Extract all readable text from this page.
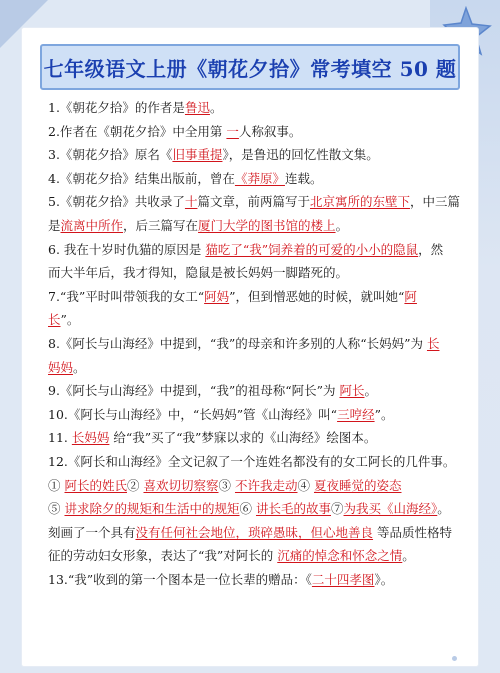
七年级语文上册《朝花夕拾》常考填空 50 题
1.《朝花夕拾》的作者是鲁迅。
2.作者在《朝花夕拾》中全用第 一人称叙事。
3.《朝花夕拾》原名《旧事重提》，是鲁迅的回忆性散文集。
4.《朝花夕拾》结集出版前，曾在《莽原》连载。
5.《朝花夕拾》共收录了十篇文章，前两篇写于北京寓所的东壁下，中三篇
是流离中所作，后三篇写在厦门大学的图书馆的楼上。
6. 我在十岁时仇猫的原因是 猫吃了“我”饲养着的可爱的小小的隐鼠，然
而大半年后，我才得知，隐鼠是被长妈妈一脚踏死的。
7.“我”平时叫带领我的女工“阿妈”，但到憎恶她的时候，就叫她“阿
长”。
8.《阿长与山海经》中提到，“我”的母亲和许多别的人称“长妈妈”为 长
妈妈。
9.《阿长与山海经》中提到，“我”的祖母称“阿长”为 阿长。
10.《阿长与山海经》中，“长妈妈”管《山海经》叫“三哼经”。
11. 长妈妈 给“我”买了“我”梦寐以求的《山海经》绘图本。
12.《阿长和山海经》全文记叙了一个连姓名都没有的女工阿长的几件事。
① 阿长的姓氏② 喜欢切切察察③ 不许我走动④ 夏夜睡觉的姿态
⑤ 讲求除夕的规矩和生活中的规矩⑥ 讲长毛的故事⑦为我买《山海经》。
刻画了一个具有没有任何社会地位，琐碎愚昧，但心地善良 等品质性格特
征的劳动妇女形象，表达了“我”对阿长的 沉痛的悼念和怀念之情。
13.“我”收到的第一个图本是一位长辈的赠品：《二十四孝图》。
